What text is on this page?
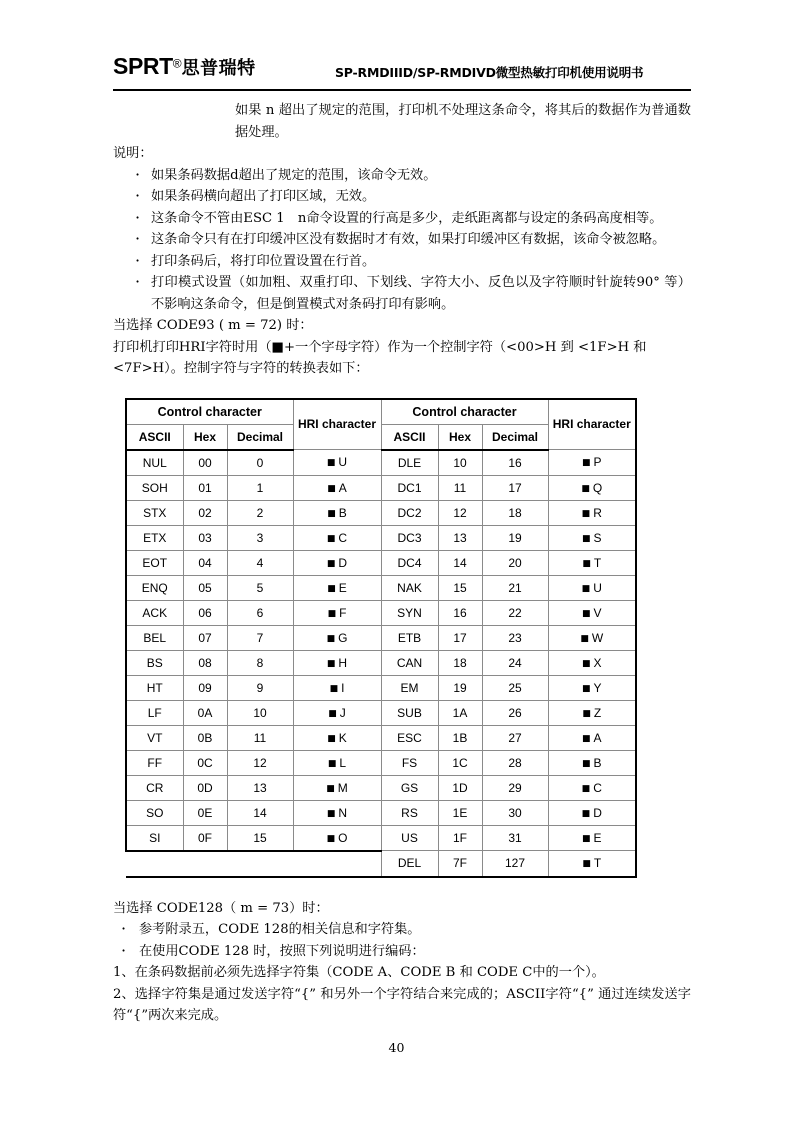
SPRT®思普瑞特	SP-RMDIIID/SP-RMDIVD微型热敏打印机使用说明书

如果 n 超出了规定的范围，打印机不处理这条命令，将其后的数据作为普通数据处理。

说明：

· 如果条码数据d超出了规定的范围，该命令无效。
· 如果条码横向超出了打印区域，无效。
· 这条命令不管由ESC 1　n命令设置的行高是多少，走纸距离都与设定的条码高度相等。
· 这条命令只有在打印缓冲区没有数据时才有效，如果打印缓冲区有数据，该命令被忽略。
· 打印条码后，将打印位置设置在行首。
· 打印模式设置（如加粗、双重打印、下划线、字符大小、反色以及字符顺时针旋转90° 等）不影响这条命令，但是倒置模式对条码打印有影响。

当选择 CODE93 ( m = 72) 时：

打印机打印HRI字符时用（■+一个字母字符）作为一个控制字符（<00>H 到 <1F>H 和

<7F>H）。控制字符与字符的转换表如下：

Control character			HRI character	Control character			HRI character
ASCII	Hex	Decimal		ASCII	Hex	Decimal	
NUL	00	0	■ U	DLE	10	16	■ P
SOH	01	1	■ A	DC1	11	17	■ Q
STX	02	2	■ B	DC2	12	18	■ R
ETX	03	3	■ C	DC3	13	19	■ S
EOT	04	4	■ D	DC4	14	20	■ T
ENQ	05	5	■ E	NAK	15	21	■ U
ACK	06	6	■ F	SYN	16	22	■ V
BEL	07	7	■ G	ETB	17	23	■ W
BS	08	8	■ H	CAN	18	24	■ X
HT	09	9	■ I	EM	19	25	■ Y
LF	0A	10	■ J	SUB	1A	26	■ Z
VT	0B	11	■ K	ESC	1B	27	■ A
FF	0C	12	■ L	FS	1C	28	■ B
CR	0D	13	■ M	GS	1D	29	■ C
SO	0E	14	■ N	RS	1E	30	■ D
SI	0F	15	■ O	US	1F	31	■ E
				DEL	7F	127	■ T

当选择 CODE128（ m = 73）时：

· 参考附录五，CODE 128的相关信息和字符集。
· 在使用CODE 128 时，按照下列说明进行编码：

1、在条码数据前必须先选择字符集（CODE A、CODE B 和 CODE C中的一个）。

2、选择字符集是通过发送字符“{” 和另外一个字符结合来完成的；ASCII字符“{” 通过连续发送字符“{”两次来完成。

40
